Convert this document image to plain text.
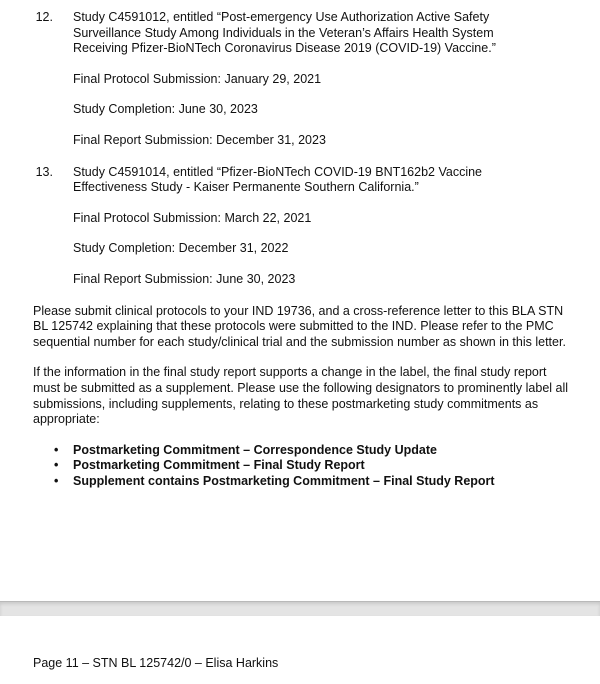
12. Study C4591012, entitled “Post-emergency Use Authorization Active Safety Surveillance Study Among Individuals in the Veteran’s Affairs Health System Receiving Pfizer-BioNTech Coronavirus Disease 2019 (COVID-19) Vaccine.”

Final Protocol Submission: January 29, 2021

Study Completion: June 30, 2023

Final Report Submission: December 31, 2023

13. Study C4591014, entitled “Pfizer-BioNTech COVID-19 BNT162b2 Vaccine Effectiveness Study - Kaiser Permanente Southern California.”

Final Protocol Submission: March 22, 2021

Study Completion: December 31, 2022

Final Report Submission: June 30, 2023

Please submit clinical protocols to your IND 19736, and a cross-reference letter to this BLA STN BL 125742 explaining that these protocols were submitted to the IND. Please refer to the PMC sequential number for each study/clinical trial and the submission number as shown in this letter.

If the information in the final study report supports a change in the label, the final study report must be submitted as a supplement. Please use the following designators to prominently label all submissions, including supplements, relating to these postmarketing study commitments as appropriate:

•	Postmarketing Commitment – Correspondence Study Update
•	Postmarketing Commitment – Final Study Report
•	Supplement contains Postmarketing Commitment – Final Study Report
Page 11 – STN BL 125742/0 – Elisa Harkins
